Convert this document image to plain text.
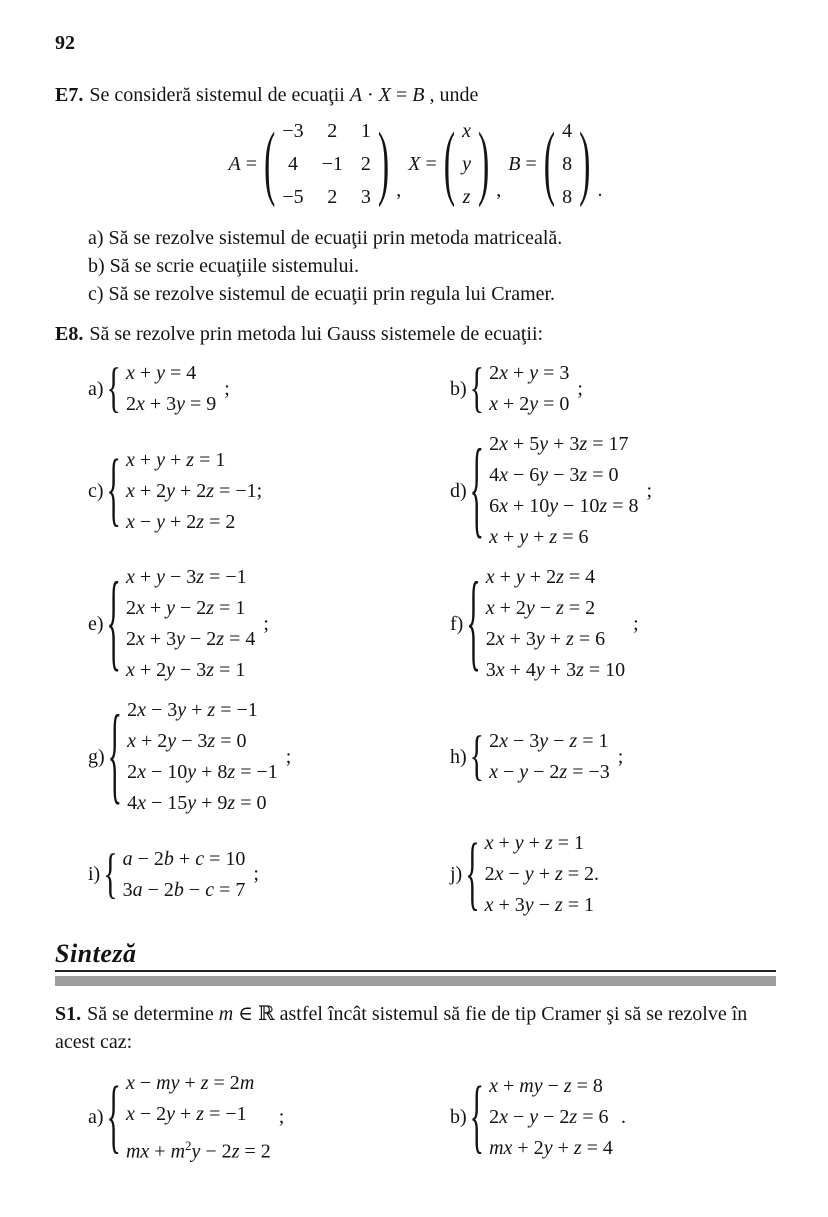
92

E7. Se consideră sistemul de ecuaţii A · X = B , unde

A = ( −3 2 1
4 −1 2
−5 2 3 ) ,
X = ( x
y
z ) ,
B = ( 4
8
8 ) .
a) Să se rezolve sistemul de ecuaţii prin metoda matriceală.
b) Să se scrie ecuaţiile sistemului.
c) Să se rezolve sistemul de ecuaţii prin regula lui Cramer.

E8. Să se rezolve prin metoda lui Gauss sistemele de ecuaţii:

a) { x + y = 4
2x + 3y = 9
;	b) { 2x + y = 3
x + 2y = 0
;
c) { x + y + z = 1
x + 2y + 2z = −1;
x − y + 2z = 2
d) { 2x + 5y + 3z = 17
4x − 6y − 3z = 0
6x + 10y − 10z = 8
x + y + z = 6
;
e) { x + y − 3z = −1
2x + y − 2z = 1
2x + 3y − 2z = 4
x + 2y − 3z = 1
;	f) { x + y + 2z = 4
x + 2y − z = 2
2x + 3y + z = 6
3x + 4y + 3z = 10
;
g) { 2x − 3y + z = −1
x + 2y − 3z = 0
2x − 10y + 8z = −1
4x − 15y + 9z = 0
;	h) { 2x − 3y − z = 1
x − y − 2z = −3
;
i) { a − 2b + c = 10
3a − 2b − c = 7
;	j) { x + y + z = 1
2x − y + z = 2.
x + 3y − z = 1
Sinteză

S1. Să se determine m ∈ ℝ astfel încât sistemul să fie de tip Cramer şi să se rezolve în acest caz:

a) { x − my + z = 2m
x − 2y + z = −1
mx + $m^2y - 2z = 2$
;	b) { x + my − z = 8
2x − y − 2z = 6
mx + 2y + z = 4
.
